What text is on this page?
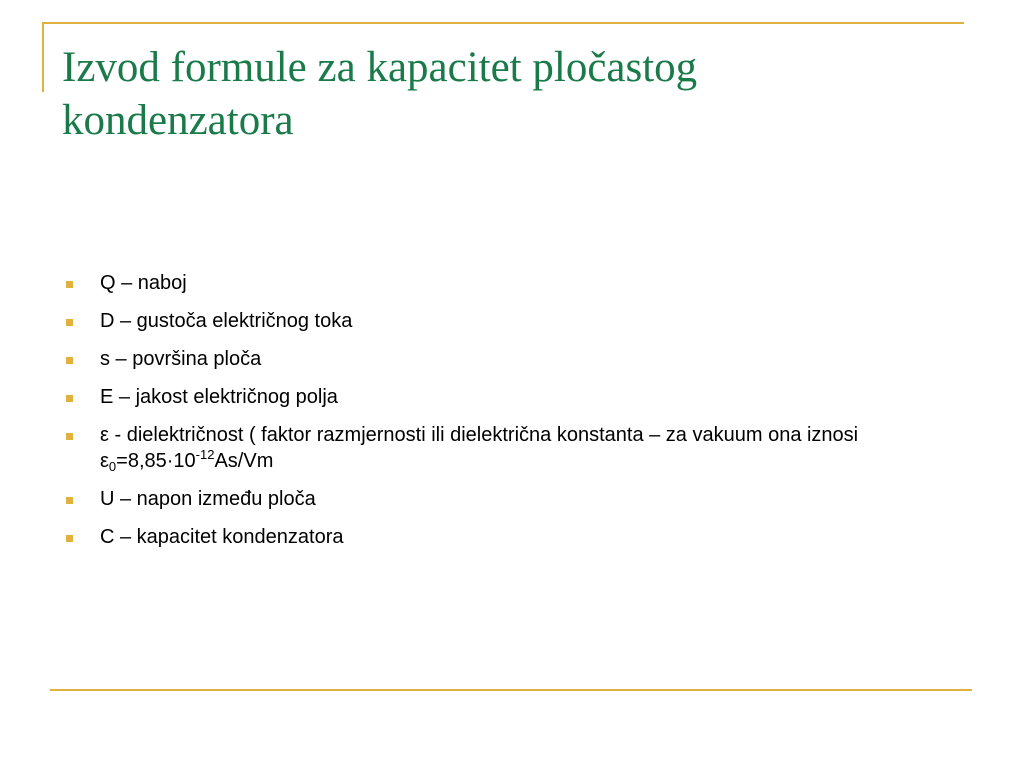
Izvod formule za kapacitet pločastog
kondenzatora
Q – naboj
D – gustoča električnog toka
s – površina ploča
E – jakost električnog polja
ε - dielektričnost ( faktor razmjernosti ili dielektrična konstanta – za vakuum ona iznosi $\varepsilon_0=8,85\cdot 10^{-12}As/Vm$
U – napon između ploča
C – kapacitet kondenzatora
